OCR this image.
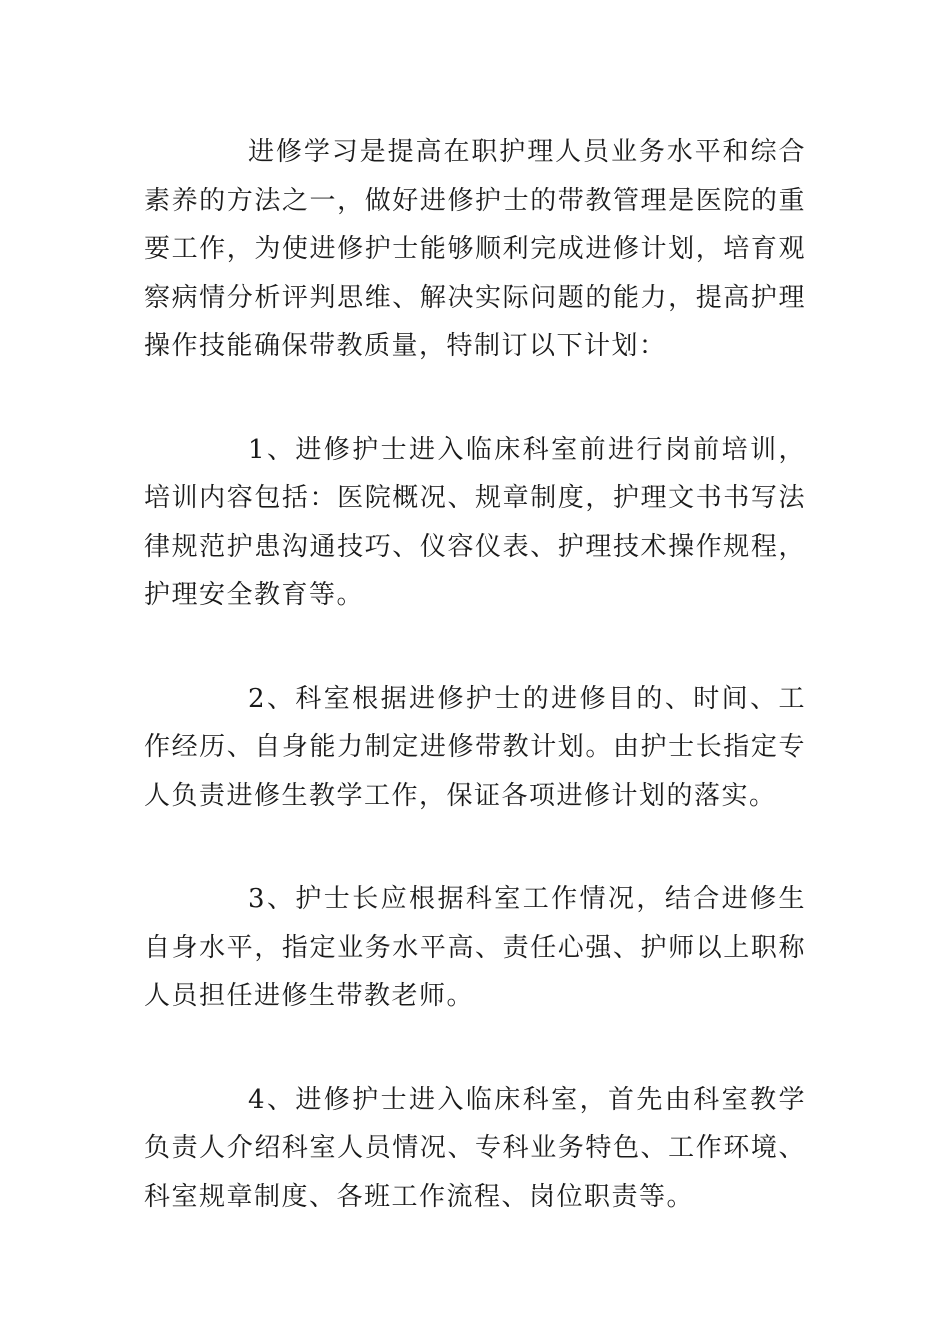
进修学习是提高在职护理人员业务水平和综合素养的方法之一，做好进修护士的带教管理是医院的重要工作，为使进修护士能够顺利完成进修计划，培育观察病情分析评判思维、解决实际问题的能力，提高护理操作技能确保带教质量，特制订以下计划：

1、进修护士进入临床科室前进行岗前培训，培训内容包括：医院概况、规章制度，护理文书书写法律规范护患沟通技巧、仪容仪表、护理技术操作规程，护理安全教育等。

2、科室根据进修护士的进修目的、时间、工作经历、自身能力制定进修带教计划。由护士长指定专人负责进修生教学工作，保证各项进修计划的落实。

3、护士长应根据科室工作情况，结合进修生自身水平，指定业务水平高、责任心强、护师以上职称人员担任进修生带教老师。

4、进修护士进入临床科室，首先由科室教学负责人介绍科室人员情况、专科业务特色、工作环境、科室规章制度、各班工作流程、岗位职责等。
